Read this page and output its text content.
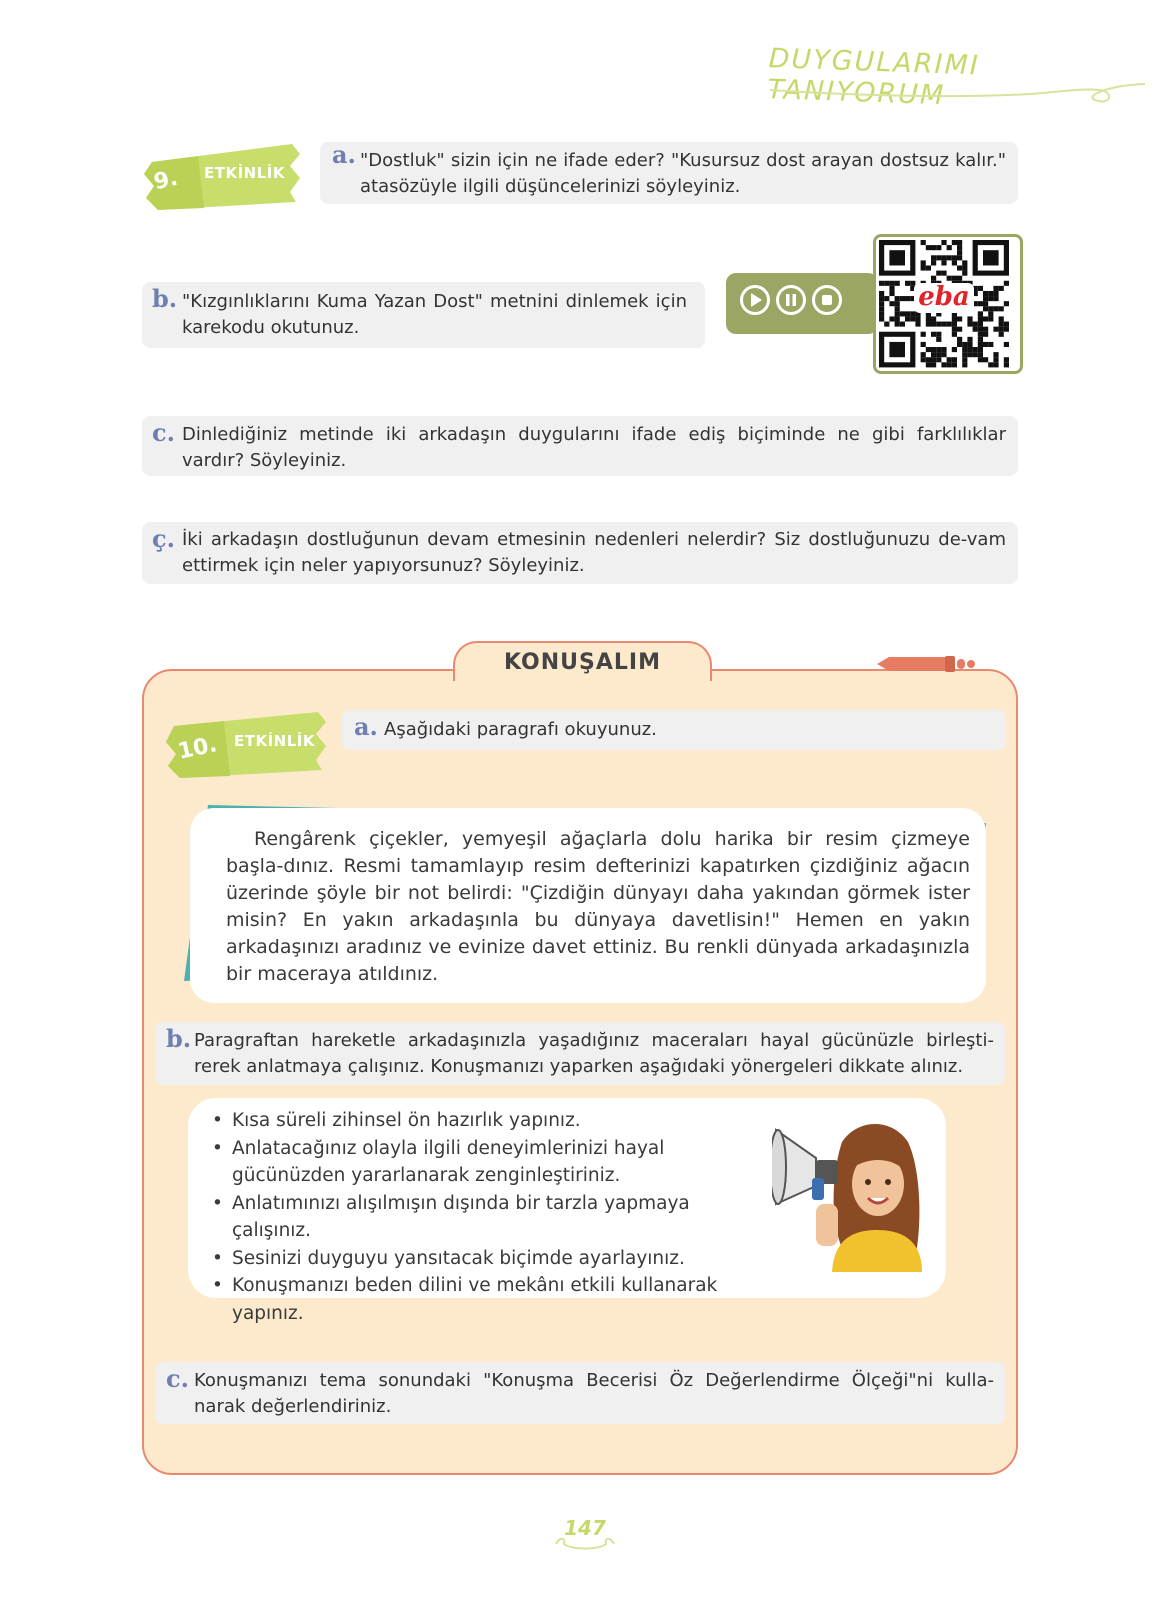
DUYGULARIMI TANIYORUM
9. ETKİNLİK
a. "Dostluk" sizin için ne ifade eder? "Kusursuz dost arayan dostsuz kalır." atasözüyle ilgili düşüncelerinizi söyleyiniz.
b. "Kızgınlıklarını Kuma Yazan Dost" metnini dinlemek için karekodu okutunuz.
eba
c. Dinlediğiniz metinde iki arkadaşın duygularını ifade ediş biçiminde ne gibi farklılıklar vardır? Söyleyiniz.
ç. İki arkadaşın dostluğunun devam etmesinin nedenleri nelerdir? Siz dostluğunuzu de-vam ettirmek için neler yapıyorsunuz? Söyleyiniz.
KONUŞALIM
10. ETKİNLİK a. Aşağıdaki paragrafı okuyunuz.
Rengârenk çiçekler, yemyeşil ağaçlarla dolu harika bir resim çizmeye başla-dınız. Resmi tamamlayıp resim defterinizi kapatırken çizdiğiniz ağacın üzerinde şöyle bir not belirdi: "Çizdiğin dünyayı daha yakından görmek ister misin? En yakın arkadaşınla bu dünyaya davetlisin!" Hemen en yakın arkadaşınızı aradınız ve evinize davet ettiniz. Bu renkli dünyada arkadaşınızla bir maceraya atıldınız.
b. Paragraftan hareketle arkadaşınızla yaşadığınız maceraları hayal gücünüzle birleşti-rerek anlatmaya çalışınız. Konuşmanızı yaparken aşağıdaki yönergeleri dikkate alınız.
• Kısa süreli zihinsel ön hazırlık yapınız.
• Anlatacağınız olayla ilgili deneyimlerinizi hayal gücünüzden yararlanarak zenginleştiriniz.
• Anlatımınızı alışılmışın dışında bir tarzla yapmaya çalışınız.
• Sesinizi duyguyu yansıtacak biçimde ayarlayınız.
• Konuşmanızı beden dilini ve mekânı etkili kullanarak yapınız.
c. Konuşmanızı tema sonundaki "Konuşma Becerisi Öz Değerlendirme Ölçeği"ni kulla-narak değerlendiriniz.
147
